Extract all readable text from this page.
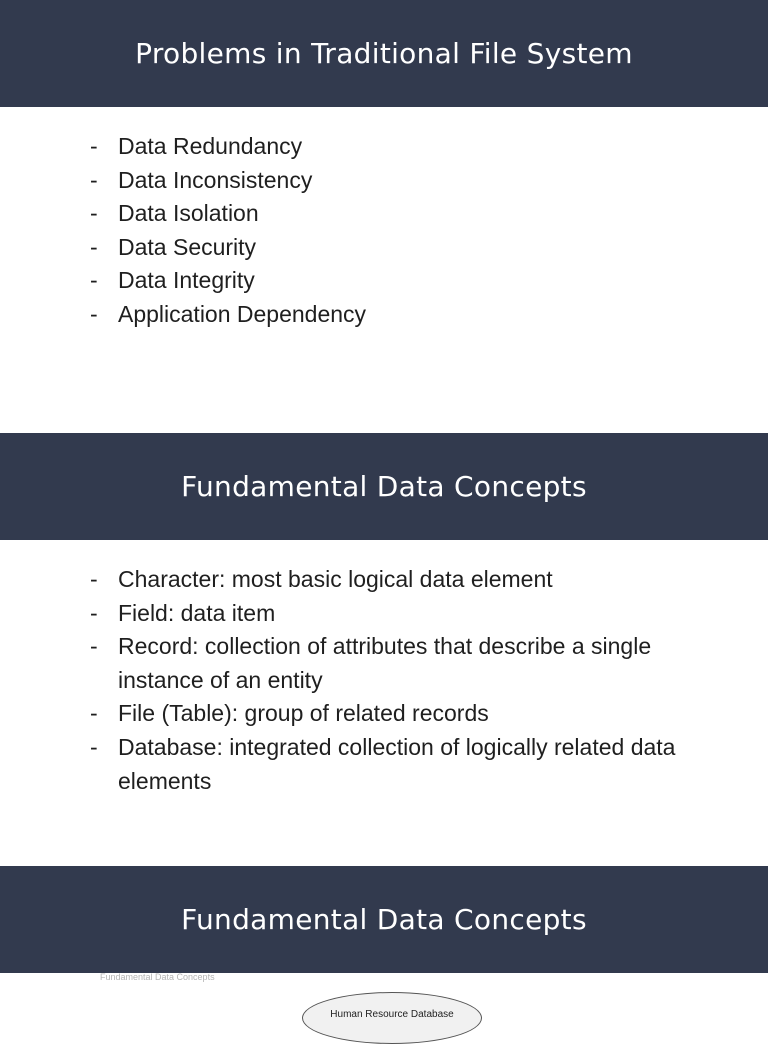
Problems in Traditional File System
- Data Redundancy
- Data Inconsistency
- Data Isolation
- Data Security
- Data Integrity
- Application Dependency
Fundamental Data Concepts
- Character: most basic logical data element
- Field: data item
- Record: collection of attributes that describe a single instance of an entity
- File (Table): group of related records
- Database: integrated collection of logically related data elements
Fundamental Data Concepts
Fundamental Data Concepts
Human Resource Database
